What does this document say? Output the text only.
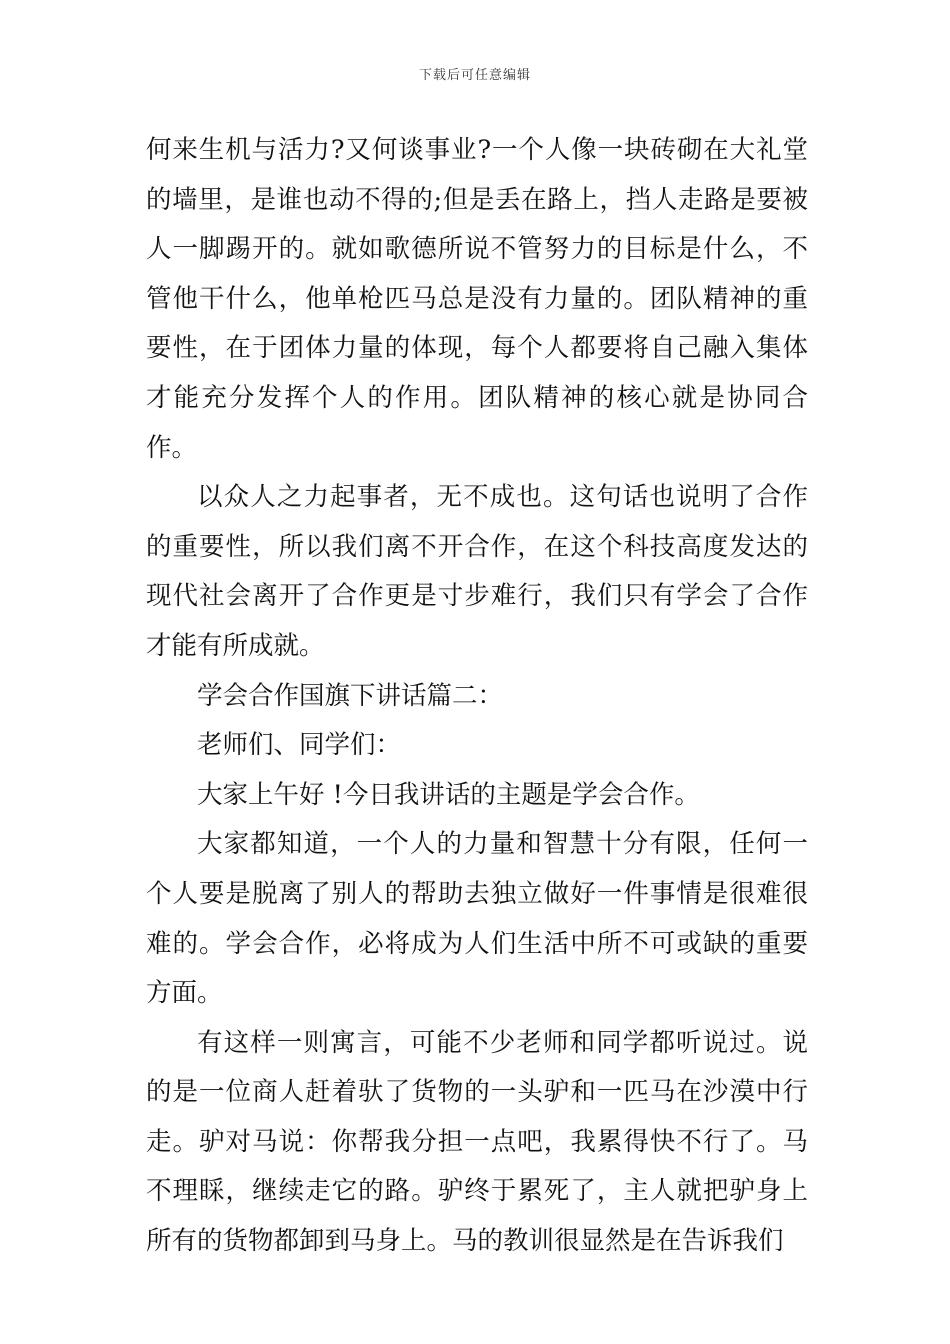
下载后可任意编辑

何来生机与活力?又何谈事业?一个人像一块砖砌在大礼堂的墙里，是谁也动不得的;但是丢在路上，挡人走路是要被人一脚踢开的。就如歌德所说不管努力的目标是什么，不管他干什么，他单枪匹马总是没有力量的。团队精神的重要性，在于团体力量的体现，每个人都要将自己融入集体才能充分发挥个人的作用。团队精神的核心就是协同合作。

以众人之力起事者，无不成也。这句话也说明了合作的重要性，所以我们离不开合作，在这个科技高度发达的现代社会离开了合作更是寸步难行，我们只有学会了合作才能有所成就。

学会合作国旗下讲话篇二：

老师们、同学们：

大家上午好 !今日我讲话的主题是学会合作。

大家都知道，一个人的力量和智慧十分有限，任何一个人要是脱离了别人的帮助去独立做好一件事情是很难很难的。学会合作，必将成为人们生活中所不可或缺的重要方面。

有这样一则寓言，可能不少老师和同学都听说过。说的是一位商人赶着驮了货物的一头驴和一匹马在沙漠中行走。驴对马说：你帮我分担一点吧，我累得快不行了。马不理睬，继续走它的路。驴终于累死了，主人就把驴身上所有的货物都卸到马身上。马的教训很显然是在告诉我们
